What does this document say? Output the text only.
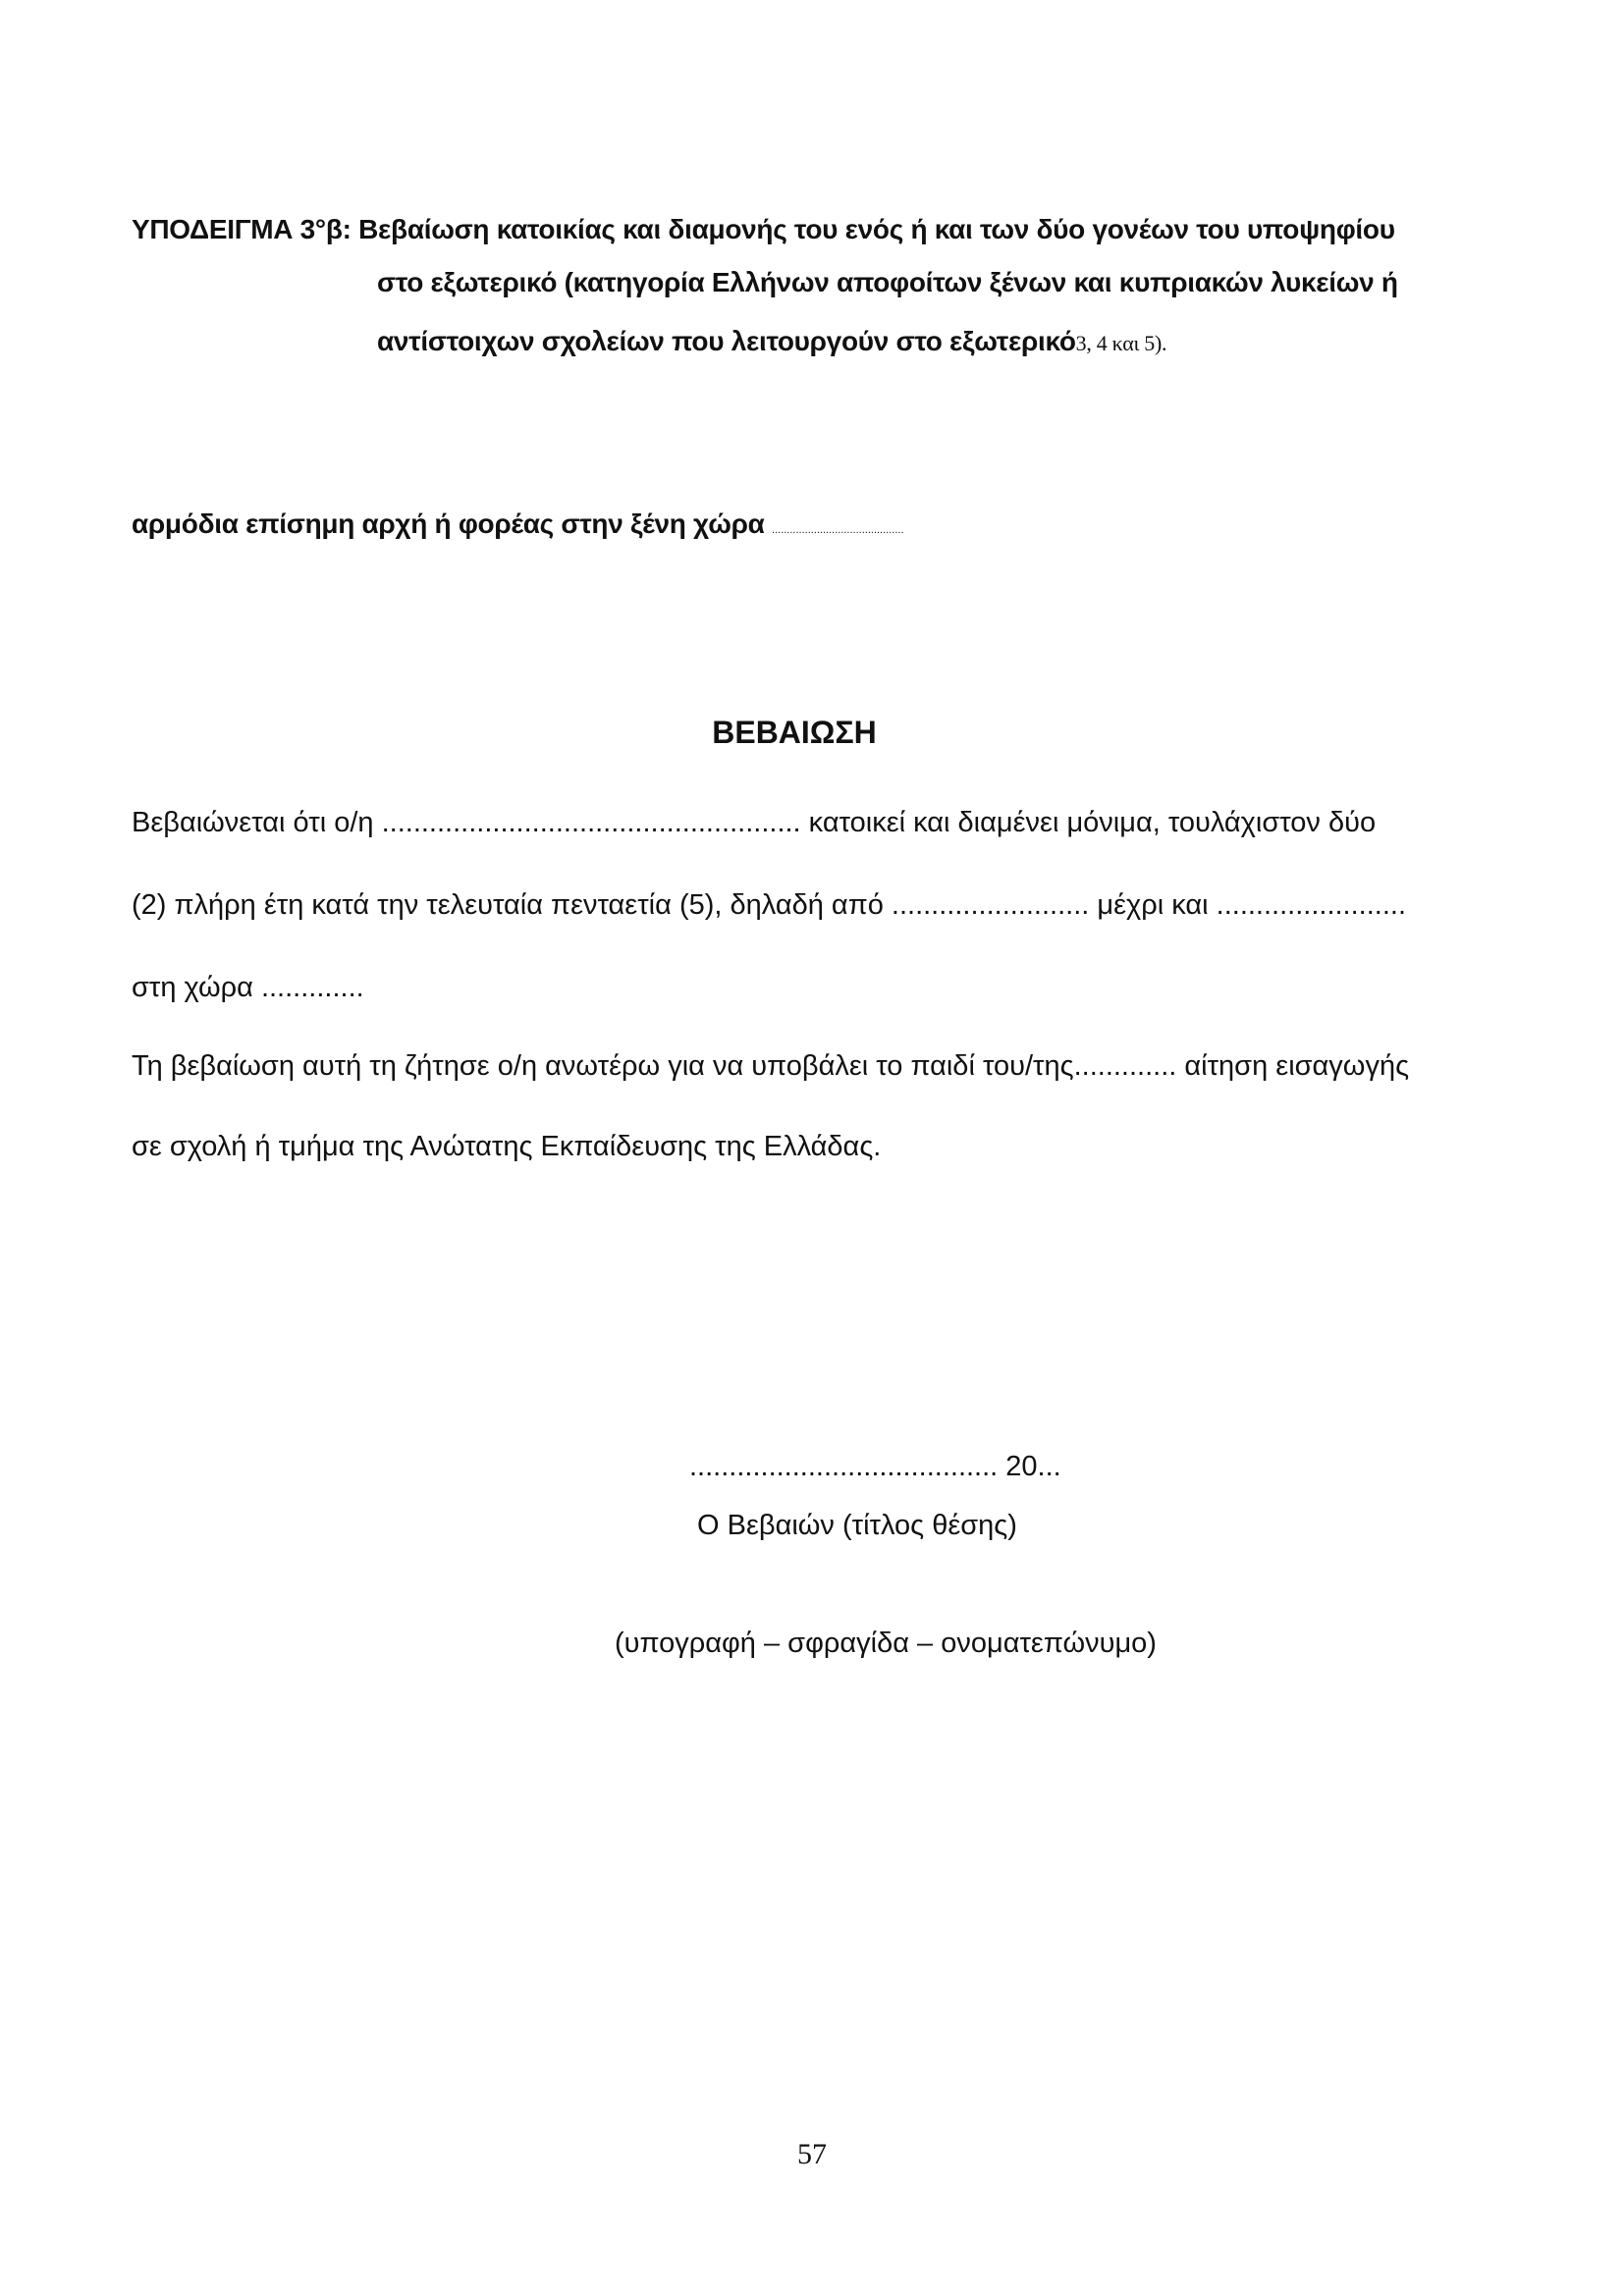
ΥΠΟΔΕΙΓΜΑ 3°β: Βεβαίωση κατοικίας και διαμονής του ενός ή και των δύο γονέων του υποψηφίου
στο εξωτερικό (κατηγορία Ελλήνων αποφοίτων ξένων και κυπριακών λυκείων ή
αντίστοιχων σχολείων που λειτουργούν στο εξωτερικό3, 4 και 5).
αρμόδια επίσημη αρχή ή φορέας στην ξένη χώρα ............................................
ΒΕΒΑΙΩΣΗ
Βεβαιώνεται ότι ο/η ..................................................... κατοικεί και διαμένει μόνιμα, τουλάχιστον δύο
(2) πλήρη έτη κατά την τελευταία πενταετία (5), δηλαδή από ......................... μέχρι και ........................
στη χώρα .............
Τη βεβαίωση αυτή τη ζήτησε ο/η ανωτέρω για να υποβάλει το παιδί του/της............. αίτηση εισαγωγής
σε σχολή ή τμήμα της Ανώτατης Εκπαίδευσης της Ελλάδας.
....................................... 20...
Ο Βεβαιών (τίτλος θέσης)
(υπογραφή – σφραγίδα – ονοματεπώνυμο)
57
